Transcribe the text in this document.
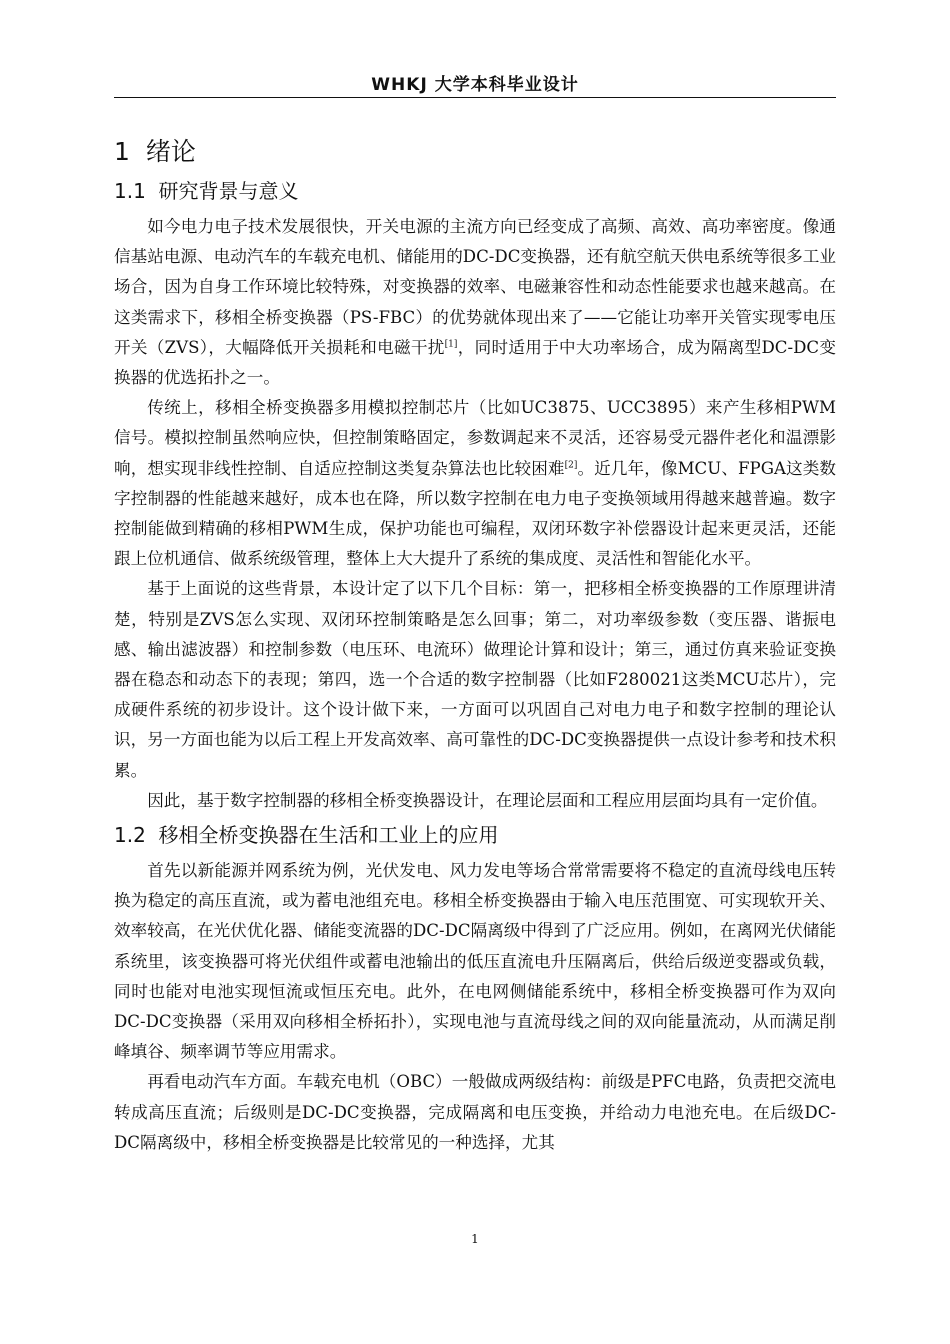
WHKJ 大学本科毕业设计
1 绪论
1.1 研究背景与意义

如今电力电子技术发展很快，开关电源的主流方向已经变成了高频、高效、高功率密度。像通信基站电源、电动汽车的车载充电机、储能用的DC-DC变换器，还有航空航天供电系统等很多工业场合，因为自身工作环境比较特殊，对变换器的效率、电磁兼容性和动态性能要求也越来越高。在这类需求下，移相全桥变换器（PS-FBC）的优势就体现出来了——它能让功率开关管实现零电压开关（ZVS），大幅降低开关损耗和电磁干扰[1]，同时适用于中大功率场合，成为隔离型DC-DC变换器的优选拓扑之一。

传统上，移相全桥变换器多用模拟控制芯片（比如UC3875、UCC3895）来产生移相PWM信号。模拟控制虽然响应快，但控制策略固定，参数调起来不灵活，还容易受元器件老化和温漂影响，想实现非线性控制、自适应控制这类复杂算法也比较困难[2]。近几年，像MCU、FPGA这类数字控制器的性能越来越好，成本也在降，所以数字控制在电力电子变换领域用得越来越普遍。数字控制能做到精确的移相PWM生成，保护功能也可编程，双闭环数字补偿器设计起来更灵活，还能跟上位机通信、做系统级管理，整体上大大提升了系统的集成度、灵活性和智能化水平。

基于上面说的这些背景，本设计定了以下几个目标：第一，把移相全桥变换器的工作原理讲清楚，特别是ZVS怎么实现、双闭环控制策略是怎么回事；第二，对功率级参数（变压器、谐振电感、输出滤波器）和控制参数（电压环、电流环）做理论计算和设计；第三，通过仿真来验证变换器在稳态和动态下的表现；第四，选一个合适的数字控制器（比如F280021这类MCU芯片），完成硬件系统的初步设计。这个设计做下来，一方面可以巩固自己对电力电子和数字控制的理论认识，另一方面也能为以后工程上开发高效率、高可靠性的DC-DC变换器提供一点设计参考和技术积累。

因此，基于数字控制器的移相全桥变换器设计，在理论层面和工程应用层面均具有一定价值。

1.2 移相全桥变换器在生活和工业上的应用

首先以新能源并网系统为例，光伏发电、风力发电等场合常常需要将不稳定的直流母线电压转换为稳定的高压直流，或为蓄电池组充电。移相全桥变换器由于输入电压范围宽、可实现软开关、效率较高，在光伏优化器、储能变流器的DC-DC隔离级中得到了广泛应用。例如，在离网光伏储能系统里，该变换器可将光伏组件或蓄电池输出的低压直流电升压隔离后，供给后级逆变器或负载，同时也能对电池实现恒流或恒压充电。此外，在电网侧储能系统中，移相全桥变换器可作为双向DC-DC变换器（采用双向移相全桥拓扑），实现电池与直流母线之间的双向能量流动，从而满足削峰填谷、频率调节等应用需求。

再看电动汽车方面。车载充电机（OBC）一般做成两级结构：前级是PFC电路，负责把交流电转成高压直流；后级则是DC-DC变换器，完成隔离和电压变换，并给动力电池充电。在后级DC-DC隔离级中，移相全桥变换器是比较常见的一种选择，尤其

1
